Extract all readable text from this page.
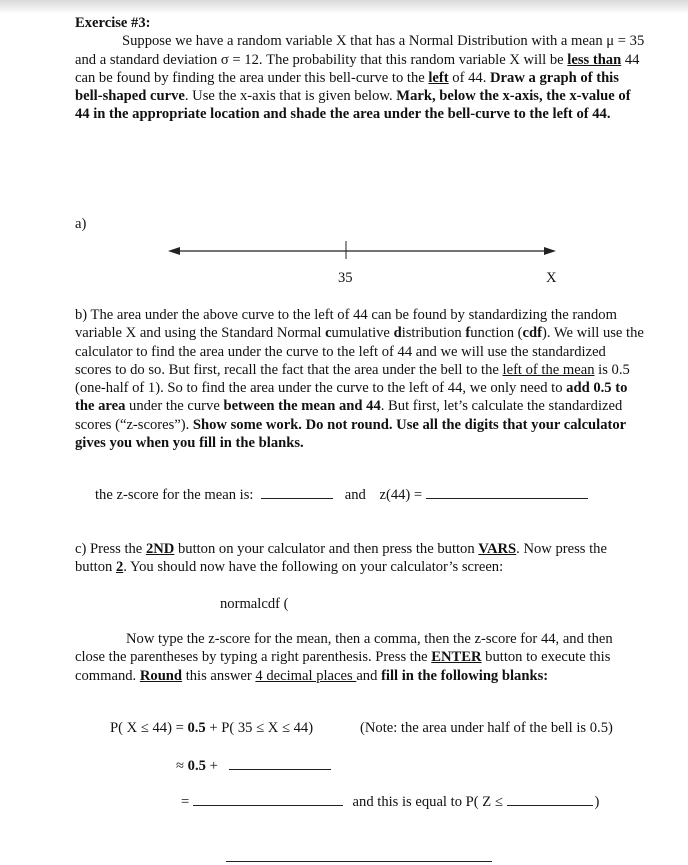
Exercise #3:

Suppose we have a random variable X that has a Normal Distribution with a mean μ = 35 and a standard deviation σ = 12. The probability that this random variable X will be less than 44 can be found by finding the area under this bell-curve to the left of 44. Draw a graph of this bell-shaped curve. Use the x-axis that is given below. Mark, below the x-axis, the x-value of 44 in the appropriate location and shade the area under the bell-curve to the left of 44.

a)
35	X
b) The area under the above curve to the left of 44 can be found by standardizing the random variable X and using the Standard Normal cumulative distribution function (cdf). We will use the calculator to find the area under the curve to the left of 44 and we will use the standardized scores to do so. But first, recall the fact that the area under the bell to the left of the mean is 0.5 (one-half of 1). So to find the area under the curve to the left of 44, we only need to add 0.5 to the area under the curve between the mean and 44. But first, let’s calculate the standardized scores (“z-scores”). Show some work. Do not round. Use all the digits that your calculator gives you when you fill in the blanks.
the z-score for the mean is:	and z(44) =
c) Press the 2ND button on your calculator and then press the button VARS. Now press the button 2. You should now have the following on your calculator’s screen:
normalcdf (
Now type the z-score for the mean, then a comma, then the z-score for 44, and then close the parentheses by typing a right parenthesis. Press the ENTER button to execute this command. Round this answer 4 decimal places and fill in the following blanks:
P( X ≤ 44) = 0.5 + P( 35 ≤ X ≤ 44)	(Note: the area under half of the bell is 0.5)
≈ 0.5 +
=	and this is equal to P( Z ≤	)
